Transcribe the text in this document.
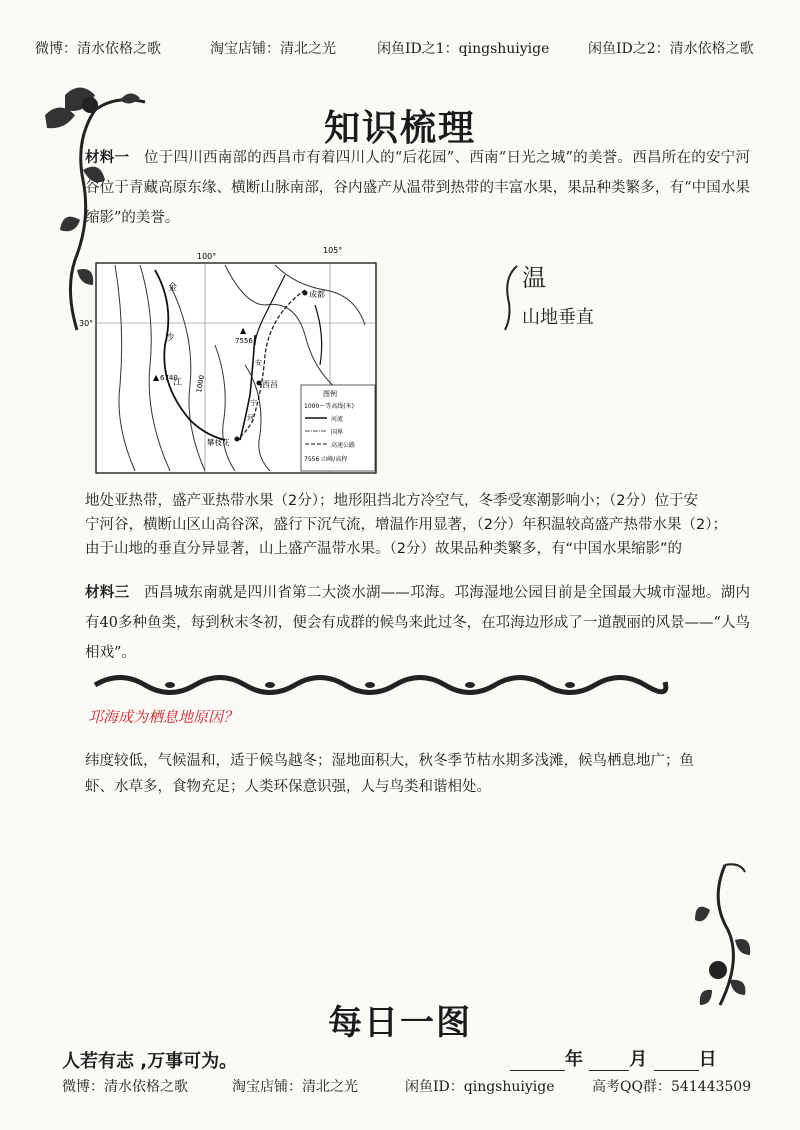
微博：清水依格之歌	淘宝店铺：清北之光	闲鱼ID之1：qingshuiyige	闲鱼ID之2：清水依格之歌
知识梳理
材料一 位于四川西南部的西昌市有着四川人的“后花园”、西南“日光之城”的美誉。西昌所在的安宁河谷位于青藏高原东缘、横断山脉南部，谷内盛产从温带到热带的丰富水果，果品种类繁多，有“中国水果缩影”的美誉。
100°
105°
30°
金
沙
江
▲
7556
▲ 6740 1000
成都
西昌
攀枝花
安
宁
河
图例
1000～等高线(米)
河流
国界
高速公路
7556 山峰/高程
温
山地垂直
地处亚热带，盛产亚热带水果（2分）；地形阻挡北方冷空气，冬季受寒潮影响小；（2分）位于安
宁河谷，横断山区山高谷深，盛行下沉气流，增温作用显著，（2分）年积温较高盛产热带水果（2）；
由于山地的垂直分异显著，山上盛产温带水果。（2分）故果品种类繁多，有“中国水果缩影”的
材料三 西昌城东南就是四川省第二大淡水湖——邛海。邛海湿地公园目前是全国最大城市湿地。湖内有40多种鱼类，每到秋末冬初，便会有成群的候鸟来此过冬，在邛海边形成了一道靓丽的风景——“人鸟相戏”。
邛海成为栖息地原因？
纬度较低，气候温和，适于候鸟越冬；湿地面积大，秋冬季节枯水期多浅滩，候鸟栖息地广；鱼
虾、水草多，食物充足；人类环保意识强，人与鸟类和谐相处。
每日一图
人若有志 ,万事可为。	年	月	日
微博：清水依格之歌	淘宝店铺：清北之光	闲鱼ID：qingshuiyige	高考QQ群：541443509
